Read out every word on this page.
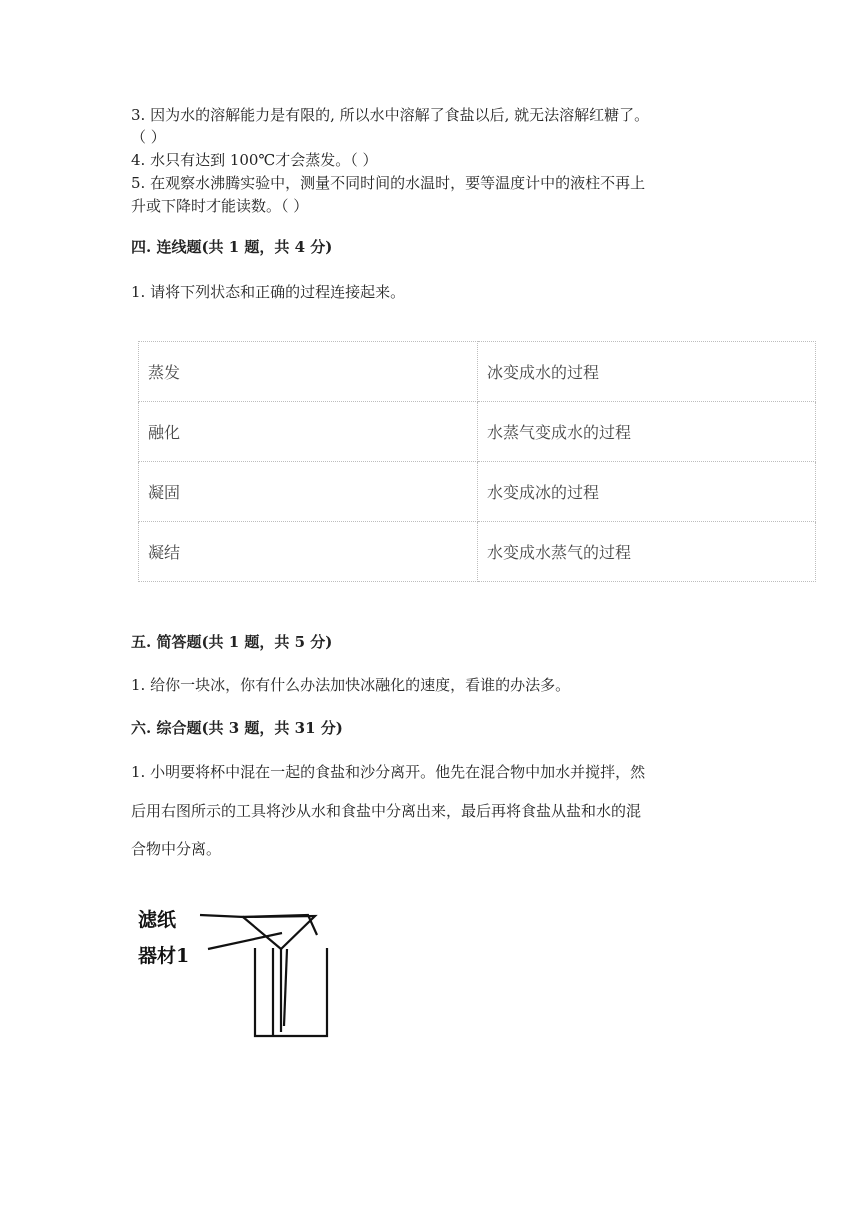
3. 因为水的溶解能力是有限的, 所以水中溶解了食盐以后, 就无法溶解红糖了。
（ ）
4. 水只有达到 100℃才会蒸发。（ ）
5. 在观察水沸腾实验中，测量不同时间的水温时，要等温度计中的液柱不再上
升或下降时才能读数。（ ）
四. 连线题(共 1 题，共 4 分)
1. 请将下列状态和正确的过程连接起来。
蒸发	冰变成水的过程
融化	水蒸气变成水的过程
凝固	水变成冰的过程
凝结	水变成水蒸气的过程
五. 简答题(共 1 题，共 5 分)
1. 给你一块冰，你有什么办法加快冰融化的速度，看谁的办法多。
六. 综合题(共 3 题，共 31 分)
1. 小明要将杯中混在一起的食盐和沙分离开。他先在混合物中加水并搅拌，然
后用右图所示的工具将沙从水和食盐中分离出来，最后再将食盐从盐和水的混
合物中分离。
滤纸
器材1
